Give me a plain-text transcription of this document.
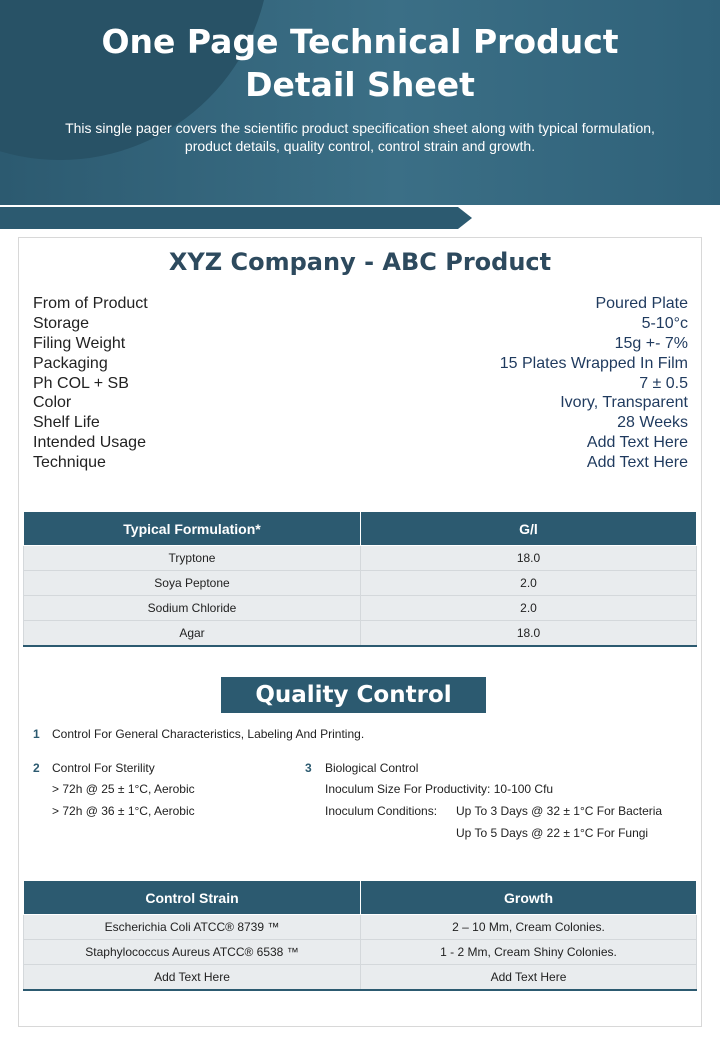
One Page Technical Product
Detail Sheet

This single pager covers the scientific product specification sheet along with typical formulation,
product details, quality control, control strain and growth.

XYZ Company - ABC Product
From of Product	Poured Plate
Storage	5-10°c
Filing Weight	15g +- 7%
Packaging	15 Plates Wrapped In Film
Ph COL + SB	7 ± 0.5
Color	Ivory, Transparent
Shelf Life	28 Weeks
Intended Usage	Add Text Here
Technique	Add Text Here
Typical Formulation*	G/l
Tryptone	18.0
Soya Peptone	2.0
Sodium Chloride	2.0
Agar	18.0
Quality Control
1 Control For General Characteristics, Labeling And Printing.
2 Control For Sterility
> 72h @ 25 ± 1°C, Aerobic
> 72h @ 36 ± 1°C, Aerobic
3 Biological Control
Inoculum Size For Productivity: 10-100 Cfu
Inoculum Conditions: Up To 3 Days @ 32 ± 1°C For Bacteria
Up To 5 Days @ 22 ± 1°C For Fungi
Control Strain	Growth
Escherichia Coli ATCC® 8739 ™	2 – 10 Mm, Cream Colonies.
Staphylococcus Aureus ATCC® 6538 ™	1 - 2 Mm, Cream Shiny Colonies.
Add Text Here	Add Text Here
